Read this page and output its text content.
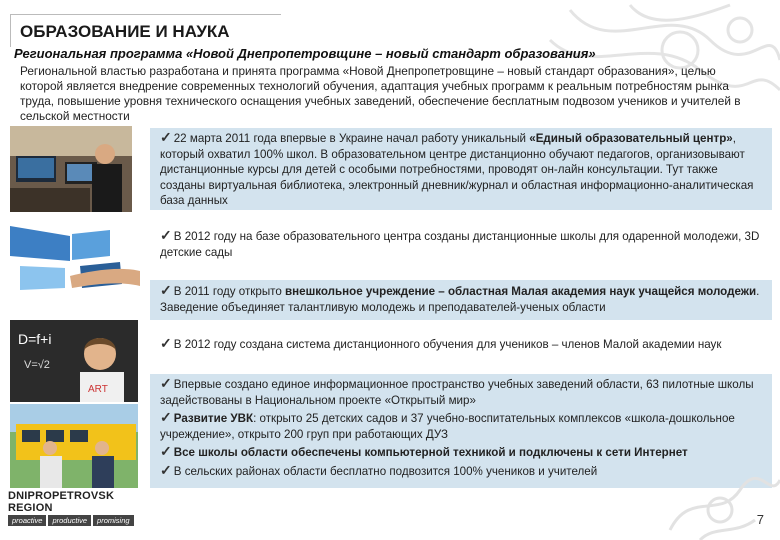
ОБРАЗОВАНИЕ И НАУКА
Региональная программа «Новой Днепропетровщине – новый стандарт образования»
Региональной властью разработана и принята программа «Новой Днепропетровщине – новый стандарт образования», целью которой является внедрение современных технологий обучения, адаптация учебных программ к реальным потребностям рынка труда, повышение уровня технического оснащения учебных заведений, обеспечение бесплатным подвозом учеников и учителей в сельской местности
D=f+i
V=√2
ART
✓ 22 марта 2011 года впервые в Украине начал работу уникальный «Единый образовательный центр», который охватил 100% школ. В образовательном центре дистанционно обучают педагогов, организовывают дистанционные курсы для детей с особыми потребностями, проводят он-лайн консультации. Тут также созданы виртуальная библиотека, электронный дневник/журнал и областная информационно-аналитическая база данных
✓ В 2012 году на базе образовательного центра созданы дистанционные школы для одаренной молодежи, 3D детские сады
✓ В 2011 году открыто внешкольное учреждение – областная Малая академия наук учащейся молодежи. Заведение объединяет талантливую молодежь и преподавателей-ученых области
✓ В 2012 году создана система дистанционного обучения для учеников – членов Малой академии наук
✓ Впервые создано единое информационное пространство учебных заведений области, 63 пилотные школы задействованы в Национальном проекте «Открытый мир»
✓ Развитие УВК: открыто 25 детских садов и 37 учебно-воспитательных комплексов «школа-дошкольное учреждение», открыто 200 груп при работающих ДУЗ
✓ Все школы области обеспечены компьютерной техникой и подключены к сети Интернет
✓ В сельских районах области бесплатно подвозится 100% учеников и учителей
DNIPROPETROVSK REGION
proactive	productive	promising	7
